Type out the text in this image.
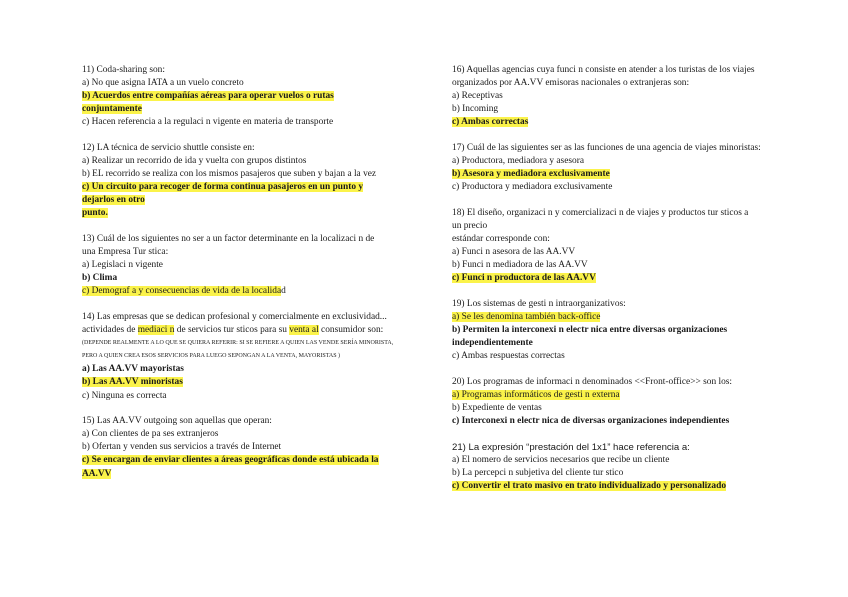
11) Coda-sharing son:
a) No que asigna IATA a un vuelo concreto
b) Acuerdos entre compañías aéreas para operar vuelos o rutas
conjuntamente
c) Hacen referencia a la regulaci n vigente en materia de transporte
12) LA técnica de servicio shuttle consiste en:
a) Realizar un recorrido de ida y vuelta con grupos distintos
b) EL recorrido se realiza con los mismos pasajeros que suben y bajan a la vez
c) Un circuito para recoger de forma continua pasajeros en un punto y
dejarlos en otro
punto.
13) Cuál de los siguientes no ser a un factor determinante en la localizaci n de
una Empresa Tur stica:
a) Legislaci n vigente
b) Clima
c) Demograf a y consecuencias de vida de la localidad
14) Las empresas que se dedican profesional y comercialmente en exclusividad...
actividades de mediaci n de servicios tur sticos para su venta al consumidor son:
(DEPENDE REALMENTE A LO QUE SE QUIERA REFERIR: SI SE REFIERE A QUIEN LAS VENDE SERÍA MINORISTA,
PERO A QUIEN CREA ESOS SERVICIOS PARA LUEGO SEPONGAN A LA VENTA, MAYORISTAS )
a) Las AA.VV mayoristas
b) Las AA.VV minoristas
c) Ninguna es correcta
15) Las AA.VV outgoing son aquellas que operan:
a) Con clientes de pa ses extranjeros
b) Ofertan y venden sus servicios a través de Internet
c) Se encargan de enviar clientes a áreas geográficas donde está ubicada la
AA.VV
16) Aquellas agencias cuya funci n consiste en atender a los turistas de los viajes
organizados por AA.VV emisoras nacionales o extranjeras son:
a) Receptivas
b) Incoming
c) Ambas correctas
17) Cuál de las siguientes ser as las funciones de una agencia de viajes minoristas:
a) Productora, mediadora y asesora
b) Asesora y mediadora exclusivamente
c) Productora y mediadora exclusivamente
18) El diseño, organizaci n y comercializaci n de viajes y productos tur sticos a
un precio
estándar corresponde con:
a) Funci n asesora de las AA.VV
b) Funci n mediadora de las AA.VV
c) Funci n productora de las AA.VV
19) Los sistemas de gesti n intraorganizativos:
a) Se les denomina también back-office
b) Permiten la interconexi n electr nica entre diversas organizaciones
independientemente
c) Ambas respuestas correctas
20) Los programas de informaci n denominados <<Front-office>> son los:
a) Programas informáticos de gesti n externa
b) Expediente de ventas
c) Interconexi n electr nica de diversas organizaciones independientes
21) La expresión “prestación del 1x1” hace referencia a:
a) El nomero de servicios necesarios que recibe un cliente
b) La percepci n subjetiva del cliente tur stico
c) Convertir el trato masivo en trato individualizado y personalizado
